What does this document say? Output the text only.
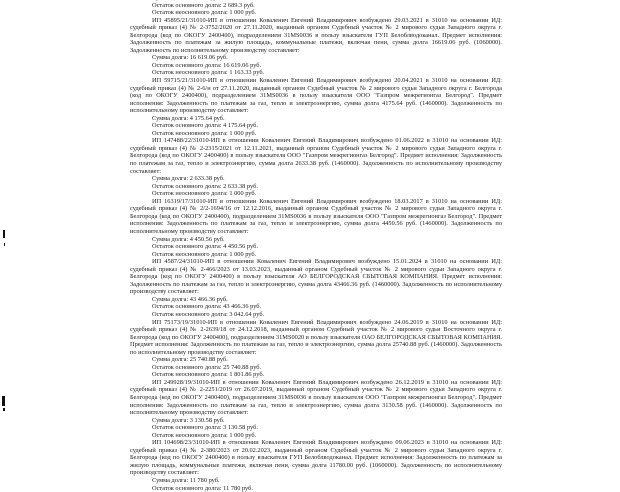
Остаток основного долга: 2 689.3 руб.
Остаток неосновного долга: 1 000 руб.

ИП 45895/21/31010-ИП в отношении Коваленич Евгений Владимирович возбуждено 29.03.2021 в 31010 на основании ИД: судебный приказ (4) № 2-3752/2020 от 27.11.2020, выданный органом Судебный участок № 2 мирового судьи Западного округа г. Белгорода (код по ОКОГУ 2400400), подразделением 31MS0036 в пользу взыскателя ГУП Белоблводоканал. Предмет исполнения: Задолженность по платежам за жилую площадь, коммунальные платежи, включая пени, сумма долга 16619.06 руб. (1060000). Задолженность по исполнительному производству составляет:

Сумма долга: 16 619.06 руб.
Остаток основного долга: 16 619.06 руб.
Остаток неосновного долга: 1 163.33 руб.

ИП 59715/21/31010-ИП в отношении Коваленич Евгений Владимирович возбуждено 20.04.2021 в 31010 на основании ИД: судебный приказ (4) № 2-6/н от 27.11.2020, выданный органом Судебный участок № 2 мирового судьи Западного округа г. Белгорода (код по ОКОГУ 2400400), подразделением 31MS0036 в пользу взыскателя ООО "Газпром межрегионгаз Белгород". Предмет исполнения: Задолженность по платежам за газ, тепло и электроэнергию, сумма долга 4175.64 руб. (1460000). Задолженность по исполнительному производству составляет:

Сумма долга: 4 175.64 руб.
Остаток основного долга: 4 175.64 руб.
Остаток неосновного долга: 1 000 руб.

ИП 147488/22/31010-ИП в отношении Коваленич Евгений Владимирович возбуждено 01.06.2022 в 31010 на основании ИД: судебный приказ (4) № 2-2315/2021 от 12.11.2021, выданный органом Судебный участок № 2 мирового судьи Западного округа г. Белгорода (код по ОКОГУ 2400400) в пользу взыскателя ООО "Газпром межрегионгаз Белгород". Предмет исполнения: Задолженность по платежам за газ, тепло и электроэнергию, сумма долга 2633.38 руб. (1460000). Задолженность по исполнительному производству составляет:

Сумма долга: 2 633.38 руб.
Остаток основного долга: 2 633.38 руб.
Остаток неосновного долга: 1 000 руб.

ИП 16319/17/31010-ИП в отношении Коваленич Евгений Владимирович возбуждено 18.03.2017 в 31010 на основании ИД: судебный приказ (4) № 2/2-1694/16 от 12.12.2016, выданный органом Судебный участок № 2 мирового судьи Западного округа г. Белгорода (код по ОКОГУ 2400400), подразделением 31MS0036 в пользу взыскателя ООО "Газпром межрегионгаз Белгород". Предмет исполнения: Задолженность по платежам за газ, тепло и электроэнергию, сумма долга 4450.56 руб. (1460000). Задолженность по исполнительному производству составляет:

Сумма долга: 4 450.56 руб.
Остаток основного долга: 4 450.56 руб.
Остаток неосновного долга: 1 000 руб.

ИП 4587/24/31010-ИП в отношении Коваленич Евгений Владимирович возбуждено 15.01.2024 в 31010 на основании ИД: судебный приказ (4) № 2-466/2023 от 13.03.2023, выданный органом Судебный участок № 2 мирового судьи Западного округа г. Белгорода (код по ОКОГУ 2400400) в пользу взыскателя АО БЕЛГОРОДСКАЯ СБЫТОВАЯ КОМПАНИЯ. Предмет исполнения: Задолженность по платежам за газ, тепло и электроэнергию, сумма долга 43466.36 руб. (1460000). Задолженность по исполнительному производству составляет:

Сумма долга: 43 466.36 руб.
Остаток основного долга: 43 466.36 руб.
Остаток неосновного долга: 3 042.64 руб.

ИП 75173/19/31010-ИП в отношении Коваленич Евгений Владимирович возбуждено 24.06.2019 в 31010 на основании ИД: судебный приказ (4) № 2-2639/18 от 24.12.2018, выданный органом Судебный участок № 2 мирового судьи Восточного округа г. Белгорода (код по ОКОГУ 2400400), подразделением 31MS0020 в пользу взыскателя ОАО БЕЛГОРОДСКАЯ СБЫТОВАЯ КОМПАНИЯ. Предмет исполнения: Задолженность по платежам за газ, тепло и электроэнергию, сумма долга 25740.88 руб. (1460000). Задолженность по исполнительному производству составляет:

Сумма долга: 25 740.88 руб.
Остаток основного долга: 25 740.88 руб.
Остаток неосновного долга: 1 801.86 руб.

ИП 249928/19/31010-ИП в отношении Коваленич Евгений Владимирович возбуждено 26.12.2019 в 31010 на основании ИД: судебный приказ (4) № 2-2251/2019 от 26.07.2019, выданный органом Судебный участок № 2 мирового судьи Западного округа г. Белгорода (код по ОКОГУ 2400400), подразделением 31MS0036 в пользу взыскателя ООО "Газпром межрегионгаз Белгород". Предмет исполнения: Задолженность по платежам за газ, тепло и электроэнергию, сумма долга 3130.58 руб. (1460000). Задолженность по исполнительному производству составляет:

Сумма долга: 3 130.58 руб.
Остаток основного долга: 3 130.58 руб.
Остаток неосновного долга: 1 000 руб.

ИП 104698/23/31010-ИП в отношении Коваленич Евгений Владимирович возбуждено 09.06.2023 в 31010 на основании ИД: судебный приказ (4) № 2-380/2023 от 20.02.2023, выданный органом Судебный участок № 2 мирового судьи Западного округа г. Белгорода (код по ОКОГУ 2400400) в пользу взыскателя ГУП Белоблводоканал. Предмет исполнения: Задолженность по платежам за жилую площадь, коммунальные платежи, включая пени, сумма долга 11780.00 руб. (1060000). Задолженность по исполнительному производству составляет:

Сумма долга: 11 780 руб.
Остаток основного долга: 11 780 руб.
